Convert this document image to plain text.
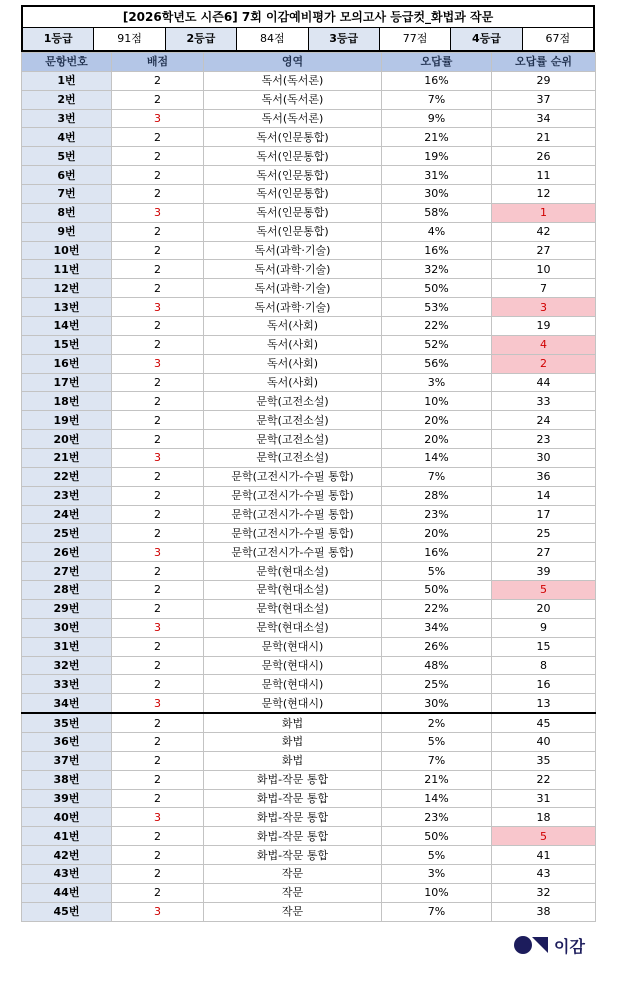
[2026학년도 시즌6] 7회 이감예비평가 모의고사 등급컷_화법과 작문
1등급	91점	2등급	84점	3등급	77점	4등급	67점
문항번호	배점	영역	오답률	오답률 순위
1번	2	독서(독서론)	16%	29
2번	2	독서(독서론)	7%	37
3번	3	독서(독서론)	9%	34
4번	2	독서(인문통합)	21%	21
5번	2	독서(인문통합)	19%	26
6번	2	독서(인문통합)	31%	11
7번	2	독서(인문통합)	30%	12
8번	3	독서(인문통합)	58%	1
9번	2	독서(인문통합)	4%	42
10번	2	독서(과학·기술)	16%	27
11번	2	독서(과학·기술)	32%	10
12번	2	독서(과학·기술)	50%	7
13번	3	독서(과학·기술)	53%	3
14번	2	독서(사회)	22%	19
15번	2	독서(사회)	52%	4
16번	3	독서(사회)	56%	2
17번	2	독서(사회)	3%	44
18번	2	문학(고전소설)	10%	33
19번	2	문학(고전소설)	20%	24
20번	2	문학(고전소설)	20%	23
21번	3	문학(고전소설)	14%	30
22번	2	문학(고전시가-수필 통합)	7%	36
23번	2	문학(고전시가-수필 통합)	28%	14
24번	2	문학(고전시가-수필 통합)	23%	17
25번	2	문학(고전시가-수필 통합)	20%	25
26번	3	문학(고전시가-수필 통합)	16%	27
27번	2	문학(현대소설)	5%	39
28번	2	문학(현대소설)	50%	5
29번	2	문학(현대소설)	22%	20
30번	3	문학(현대소설)	34%	9
31번	2	문학(현대시)	26%	15
32번	2	문학(현대시)	48%	8
33번	2	문학(현대시)	25%	16
34번	3	문학(현대시)	30%	13
35번	2	화법	2%	45
36번	2	화법	5%	40
37번	2	화법	7%	35
38번	2	화법-작문 통합	21%	22
39번	2	화법-작문 통합	14%	31
40번	3	화법-작문 통합	23%	18
41번	2	화법-작문 통합	50%	5
42번	2	화법-작문 통합	5%	41
43번	2	작문	3%	43
44번	2	작문	10%	32
45번	3	작문	7%	38
이감
